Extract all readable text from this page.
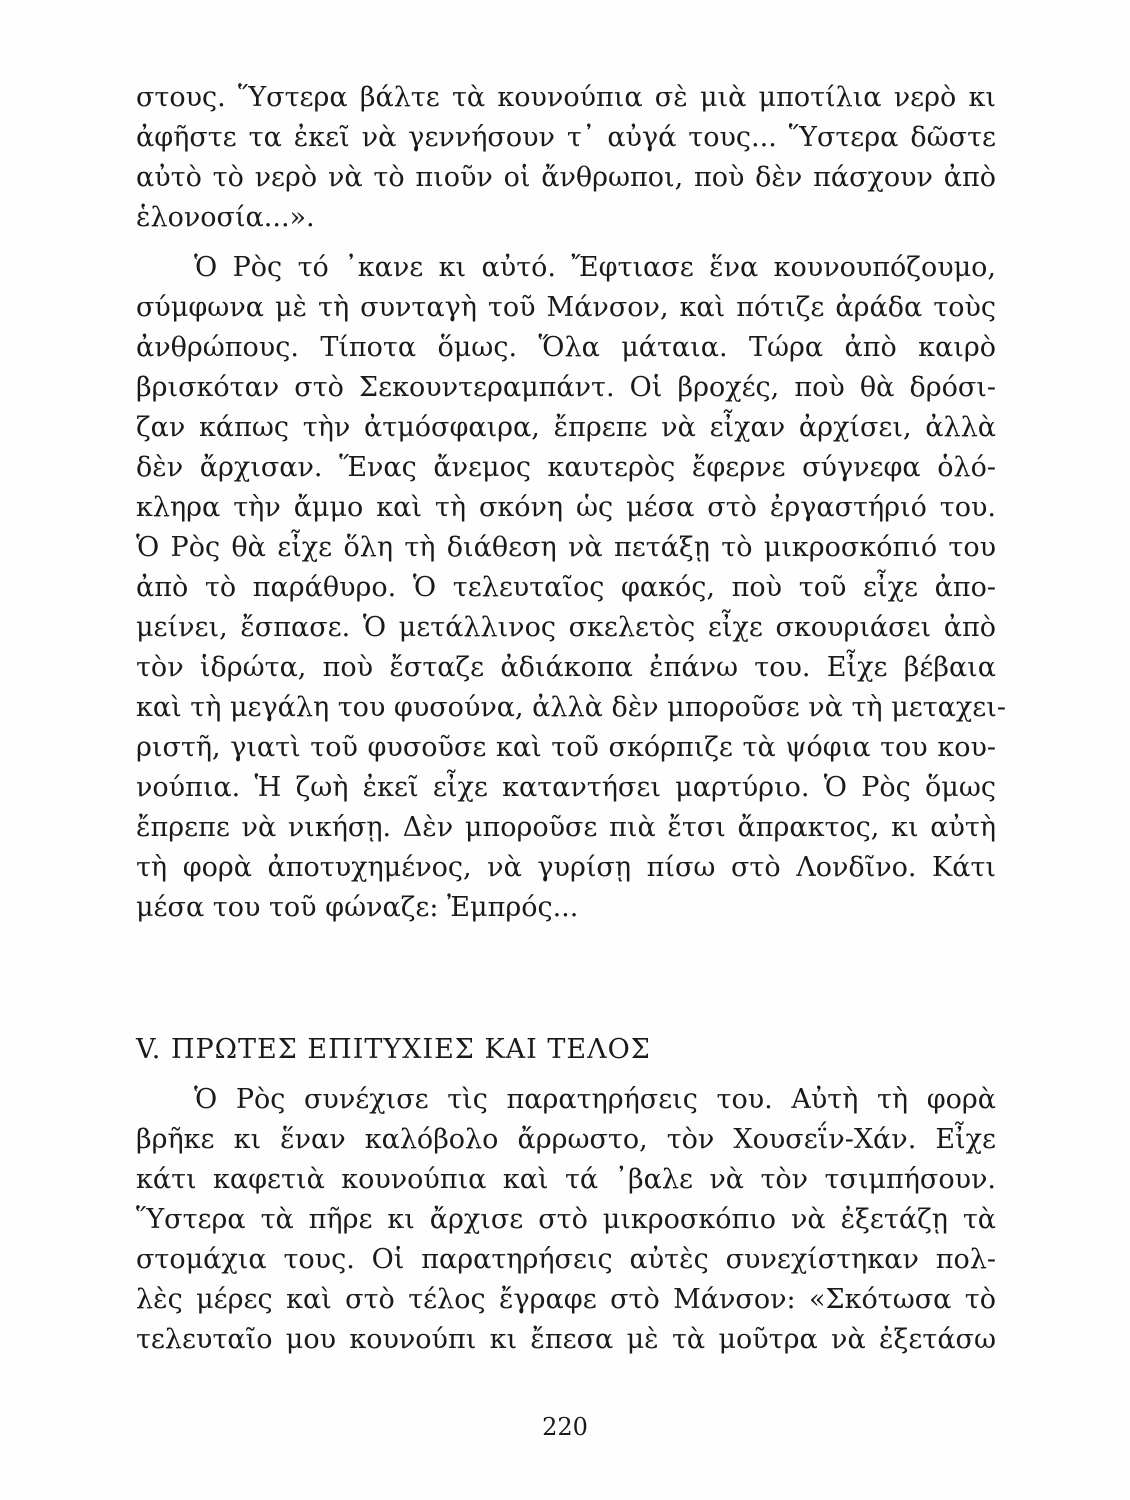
στους. Ὕστερα βάλτε τὰ κουνούπια σὲ μιὰ μποτίλια νερὸ κι
ἀφῆστε τα ἐκεῖ νὰ γεννήσουν τ᾽ αὐγά τους... Ὕστερα δῶστε
αὐτὸ τὸ νερὸ νὰ τὸ πιοῦν οἱ ἄνθρωποι, ποὺ δὲν πάσχουν ἀπὸ
ἑλονοσία...».
Ὁ Ρὸς τό ᾽κανε κι αὐτό. Ἔφτιασε ἕνα κουνουπόζουμο,
σύμφωνα μὲ τὴ συνταγὴ τοῦ Μάνσον, καὶ πότιζε ἀράδα τοὺς
ἀνθρώπους. Τίποτα ὅμως. Ὅλα μάταια. Τώρα ἀπὸ καιρὸ
βρισκόταν στὸ Σεκουντεραμπάντ. Οἱ βροχές, ποὺ θὰ δρόσι-
ζαν κάπως τὴν ἀτμόσφαιρα, ἔπρεπε νὰ εἶχαν ἀρχίσει, ἀλλὰ
δὲν ἄρχισαν. Ἕνας ἄνεμος καυτερὸς ἔφερνε σύγνεφα ὁλό-
κληρα τὴν ἄμμο καὶ τὴ σκόνη ὡς μέσα στὸ ἐργαστήριό του.
Ὁ Ρὸς θὰ εἶχε ὅλη τὴ διάθεση νὰ πετάξῃ τὸ μικροσκόπιό του
ἀπὸ τὸ παράθυρο. Ὁ τελευταῖος φακός, ποὺ τοῦ εἶχε ἀπο-
μείνει, ἔσπασε. Ὁ μετάλλινος σκελετὸς εἶχε σκουριάσει ἀπὸ
τὸν ἱδρώτα, ποὺ ἔσταζε ἀδιάκοπα ἐπάνω του. Εἶχε βέβαια
καὶ τὴ μεγάλη του φυσούνα, ἀλλὰ δὲν μποροῦσε νὰ τὴ μεταχει-
ριστῆ, γιατὶ τοῦ φυσοῦσε καὶ τοῦ σκόρπιζε τὰ ψόφια του κου-
νούπια. Ἡ ζωὴ ἐκεῖ εἶχε καταντήσει μαρτύριο. Ὁ Ρὸς ὅμως
ἔπρεπε νὰ νικήσῃ. Δὲν μποροῦσε πιὰ ἔτσι ἄπρακτος, κι αὐτὴ
τὴ φορὰ ἀποτυχημένος, νὰ γυρίσῃ πίσω στὸ Λονδῖνο. Κάτι
μέσα του τοῦ φώναζε: Ἐμπρός...
V. ΠΡΩΤΕΣ ΕΠΙΤΥΧΙΕΣ ΚΑΙ ΤΕΛΟΣ
Ὁ Ρὸς συνέχισε τὶς παρατηρήσεις του. Αὐτὴ τὴ φορὰ
βρῆκε κι ἕναν καλόβολο ἄρρωστο, τὸν Χουσεΐν-Χάν. Εἶχε
κάτι καφετιὰ κουνούπια καὶ τά ᾽βαλε νὰ τὸν τσιμπήσουν.
Ὕστερα τὰ πῆρε κι ἄρχισε στὸ μικροσκόπιο νὰ ἐξετάζῃ τὰ
στομάχια τους. Οἱ παρατηρήσεις αὐτὲς συνεχίστηκαν πολ-
λὲς μέρες καὶ στὸ τέλος ἔγραφε στὸ Μάνσον: «Σκότωσα τὸ
τελευταῖο μου κουνούπι κι ἔπεσα μὲ τὰ μοῦτρα νὰ ἐξετάσω
220
